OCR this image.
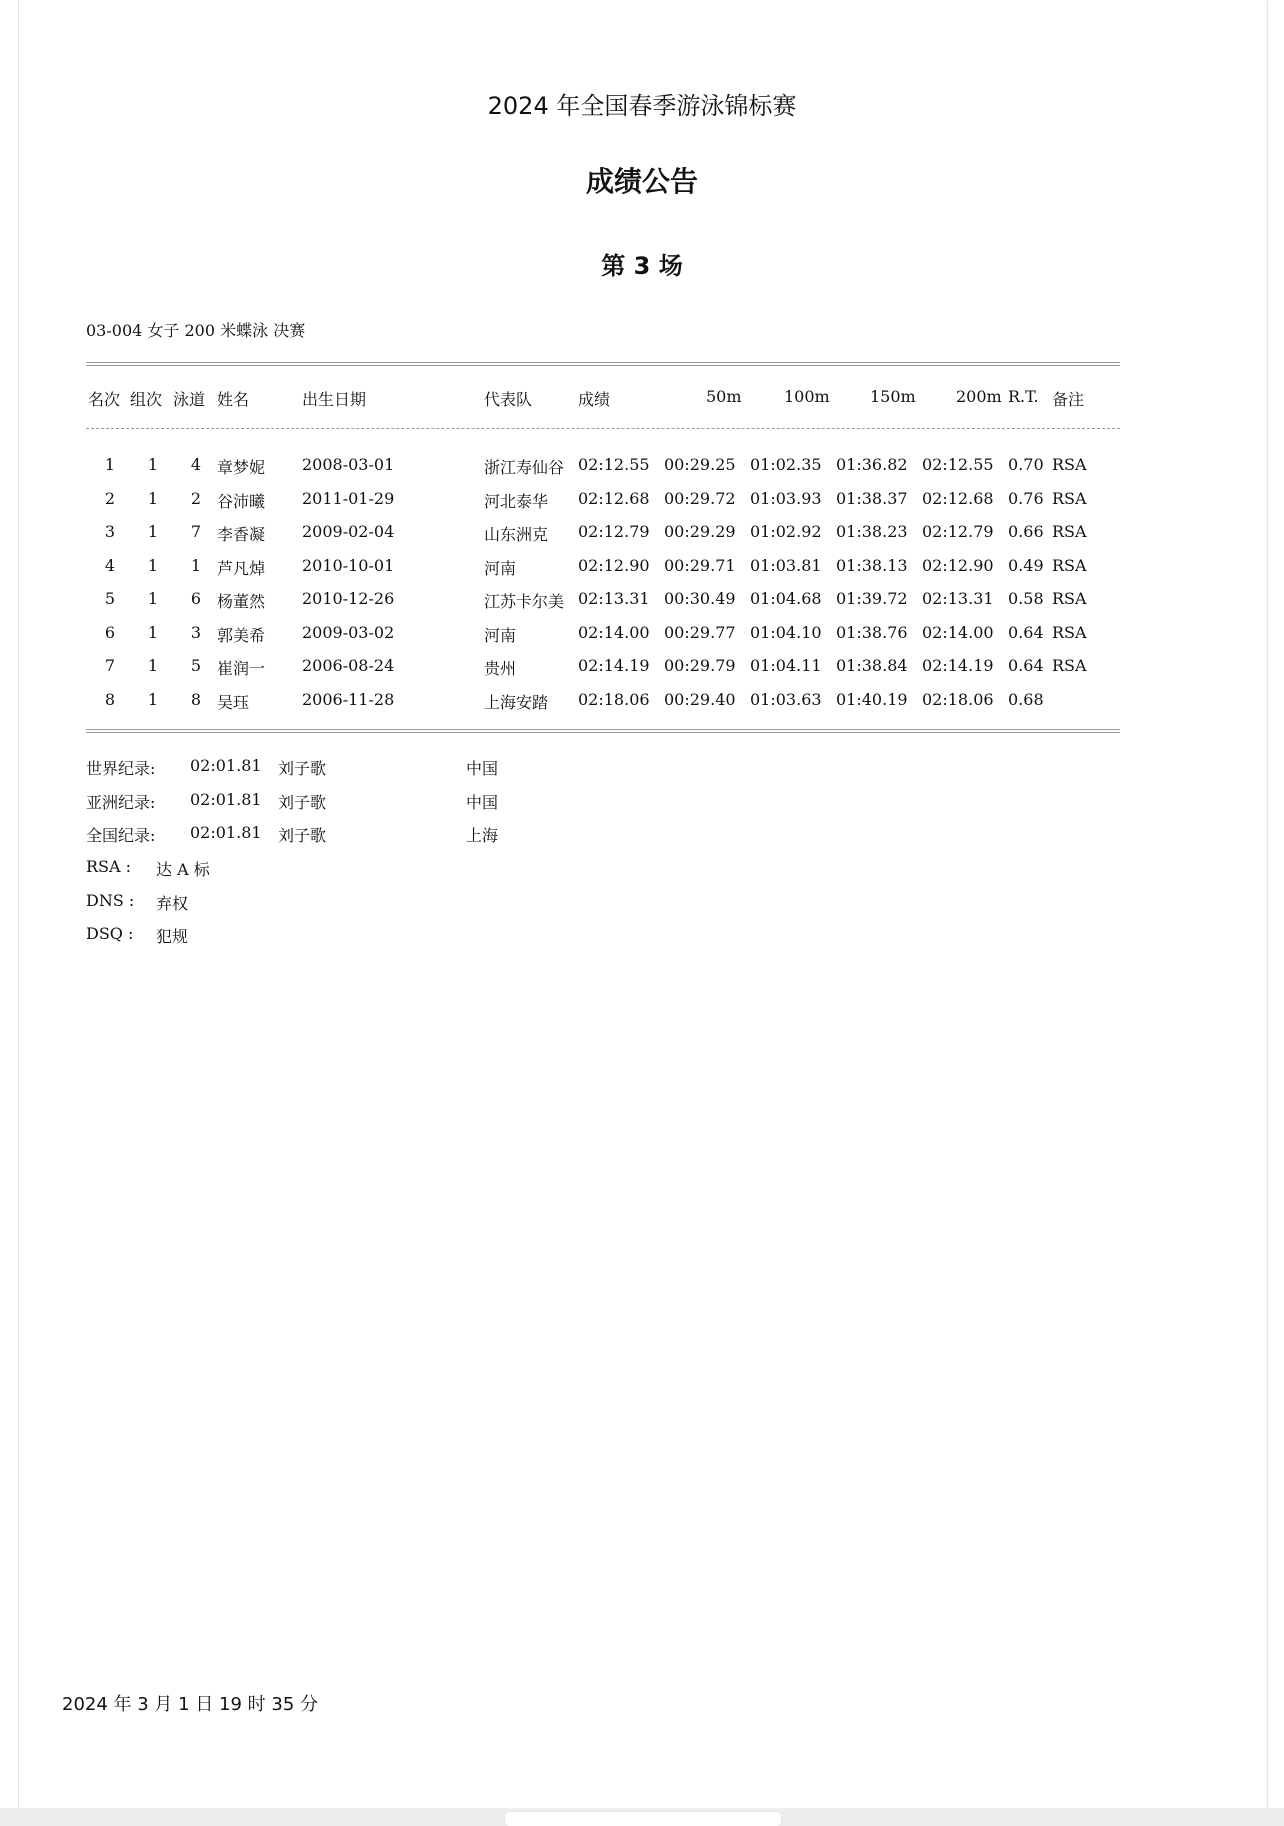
2024 年全国春季游泳锦标赛
成绩公告
第 3 场
03-004 女子 200 米蝶泳 决赛
名次 组次 泳道 姓名	出生日期	代表队	成绩	50m	100m	150m	200m R.T. 备注
1	1	4 章梦妮 2008-03-01	浙江寿仙谷 02:12.55 00:29.25 01:02.35 01:36.82 02:12.55 0.70 RSA
2	1	2 谷沛曦 2011-01-29	河北泰华 02:12.68 00:29.72 01:03.93 01:38.37 02:12.68 0.76 RSA
3	1	7 李香凝 2009-02-04	山东洲克 02:12.79 00:29.29 01:02.92 01:38.23 02:12.79 0.66 RSA
4	1	1 芦凡焯 2010-10-01	河南	02:12.90 00:29.71 01:03.81 01:38.13 02:12.90 0.49 RSA
5	1	6 杨董然 2010-12-26	江苏卡尔美 02:13.31 00:30.49 01:04.68 01:39.72 02:13.31 0.58 RSA
6	1	3 郭美希 2009-03-02	河南	02:14.00 00:29.77 01:04.10 01:38.76 02:14.00 0.64 RSA
7	1	5 崔润一 2006-08-24	贵州	02:14.19 00:29.79 01:04.11 01:38.84 02:14.19 0.64 RSA
8	1	8 吴珏	2006-11-28	上海安踏 02:18.06 00:29.40 01:03.63 01:40.19 02:18.06 0.68
世界纪录: 02:01.81 刘子歌	中国
亚洲纪录: 02:01.81 刘子歌	中国
全国纪录: 02:01.81 刘子歌	上海
RSA : 达 A 标
DNS : 弃权
DSQ : 犯规
2024 年 3 月 1 日 19 时 35 分
